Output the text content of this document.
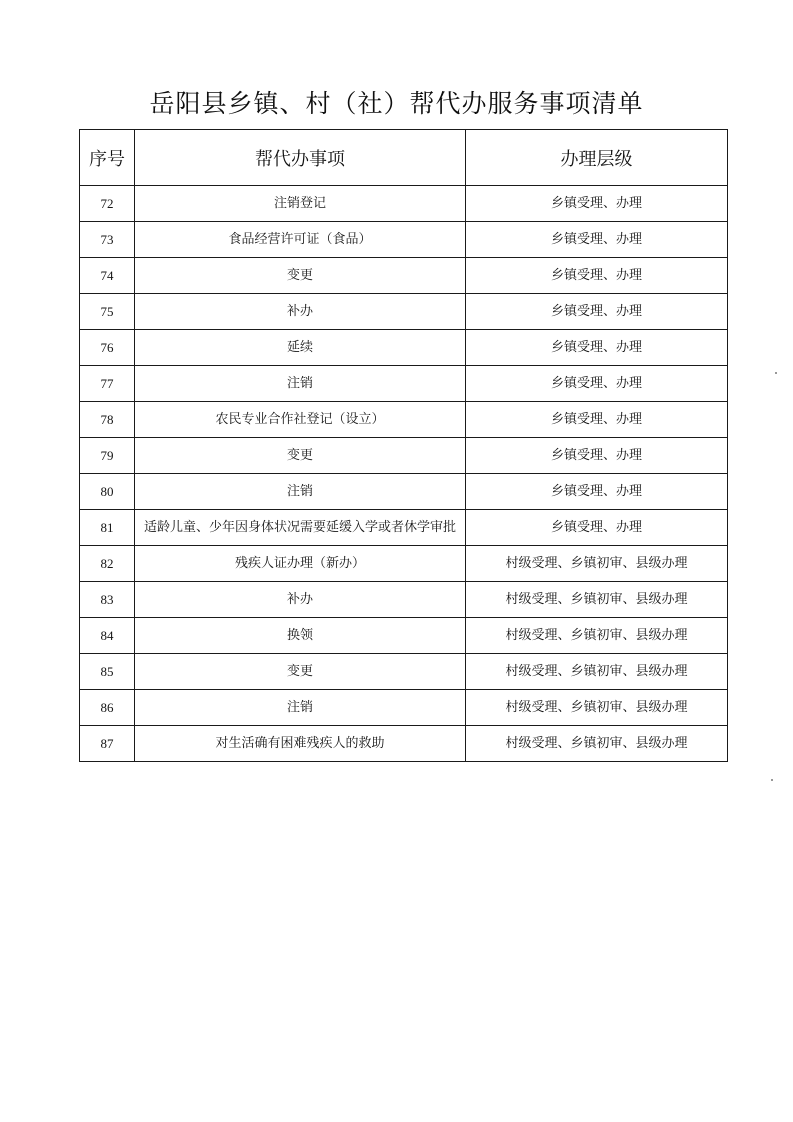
岳阳县乡镇、村（社）帮代办服务事项清单
序号	帮代办事项	办理层级
72	注销登记	乡镇受理、办理
73	食品经营许可证（食品）	乡镇受理、办理
74	变更	乡镇受理、办理
75	补办	乡镇受理、办理
76	延续	乡镇受理、办理
77	注销	乡镇受理、办理
78	农民专业合作社登记（设立）	乡镇受理、办理
79	变更	乡镇受理、办理
80	注销	乡镇受理、办理
81	适龄儿童、少年因身体状况需要延缓入学或者休学审批	乡镇受理、办理
82	残疾人证办理（新办）	村级受理、乡镇初审、县级办理
83	补办	村级受理、乡镇初审、县级办理
84	换领	村级受理、乡镇初审、县级办理
85	变更	村级受理、乡镇初审、县级办理
86	注销	村级受理、乡镇初审、县级办理
87	对生活确有困难残疾人的救助	村级受理、乡镇初审、县级办理
